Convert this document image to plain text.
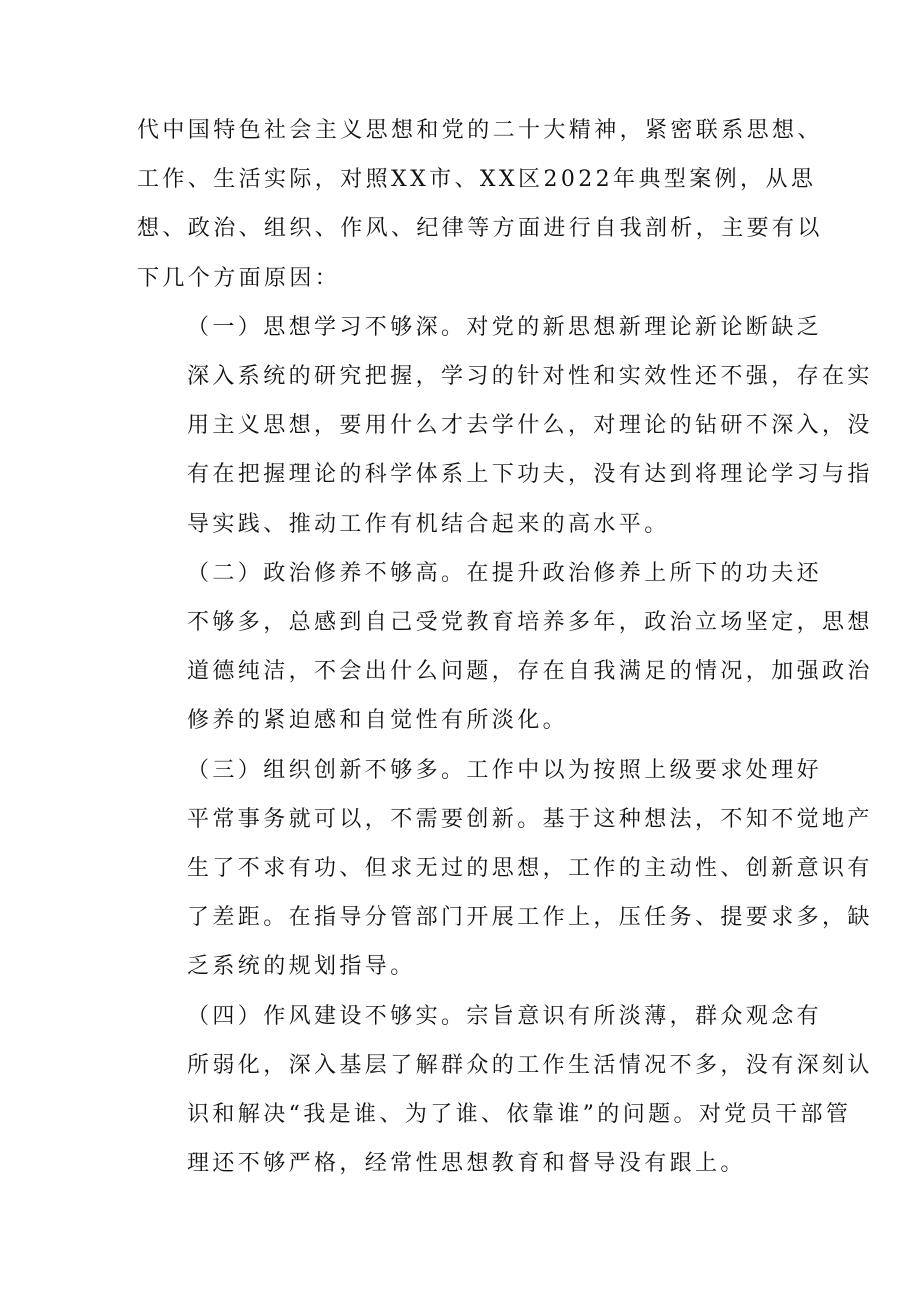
代中国特色社会主义思想和党的二十大精神，紧密联系思想、
工作、生活实际，对照XX市、XX区2022年典型案例，从思
想、政治、组织、作风、纪律等方面进行自我剖析，主要有以
下几个方面原因：

（一）思想学习不够深。对党的新思想新理论新论断缺乏
深入系统的研究把握，学习的针对性和实效性还不强，存在实
用主义思想，要用什么才去学什么，对理论的钻研不深入，没
有在把握理论的科学体系上下功夫，没有达到将理论学习与指
导实践、推动工作有机结合起来的高水平。

（二）政治修养不够高。在提升政治修养上所下的功夫还
不够多，总感到自己受党教育培养多年，政治立场坚定，思想
道德纯洁，不会出什么问题，存在自我满足的情况，加强政治
修养的紧迫感和自觉性有所淡化。

（三）组织创新不够多。工作中以为按照上级要求处理好
平常事务就可以，不需要创新。基于这种想法，不知不觉地产
生了不求有功、但求无过的思想，工作的主动性、创新意识有
了差距。在指导分管部门开展工作上，压任务、提要求多，缺
乏系统的规划指导。

（四）作风建设不够实。宗旨意识有所淡薄，群众观念有
所弱化，深入基层了解群众的工作生活情况不多，没有深刻认
识和解决“我是谁、为了谁、依靠谁”的问题。对党员干部管
理还不够严格，经常性思想教育和督导没有跟上。
